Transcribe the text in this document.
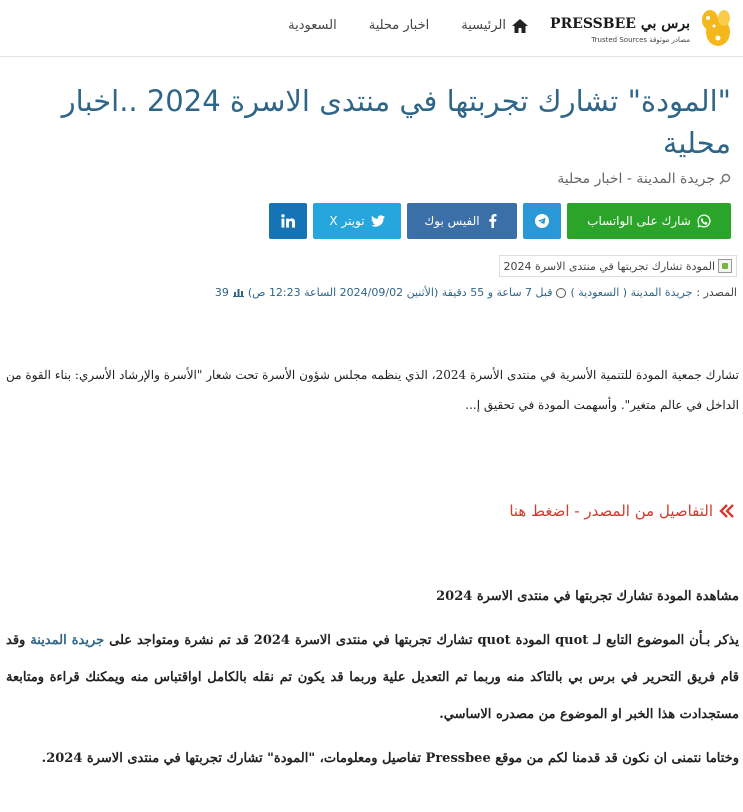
PRESSBEE برس بي
Trusted Sources مصادر موثوقة
الرئيسية
اخبار محلية
السعودية
"المودة" تشارك تجربتها في منتدى الاسرة 2024 ..اخبار محلية
جريدة المدينة - اخبار محلية
شارك على الواتساب
الفيس بوك
تويتر X
المودة تشارك تجربتها في منتدى الاسرة 2024
المصدر :
جريدة المدينة ( السعودية )
قبل 7 ساعة و 55 دقيقة (الأثنين 2024/09/02 الساعة 12:23 ص)
39

تشارك جمعية المودة للتنمية الأسرية في منتدى الأسرة 2024، الذي ينظمه مجلس شؤون الأسرة تحت شعار "الأسرة والإرشاد الأسري: بناء القوة من الداخل في عالم متغير". وأسهمت المودة في تحقيق إ...

التفاصيل من المصدر - اضغط هنا
مشاهدة المودة تشارك تجربتها في منتدى الاسرة 2024

يذكر بـأن الموضوع التابع لـ quot المودة quot تشارك تجربتها في منتدى الاسرة 2024 قد تم نشرة ومتواجد على جريدة المدينة وقد قام فريق التحرير في برس بي بالتاكد منه وربما تم التعديل علية وربما قد يكون تم نقله بالكامل اواقتباس منه ويمكنك قراءة ومتابعة مستجدادت هذا الخبر او الموضوع من مصدره الاساسي.

وختاما نتمنى ان نكون قد قدمنا لكم من موقع Pressbee تفاصيل ومعلومات، "المودة" تشارك تجربتها في منتدى الاسرة 2024.
